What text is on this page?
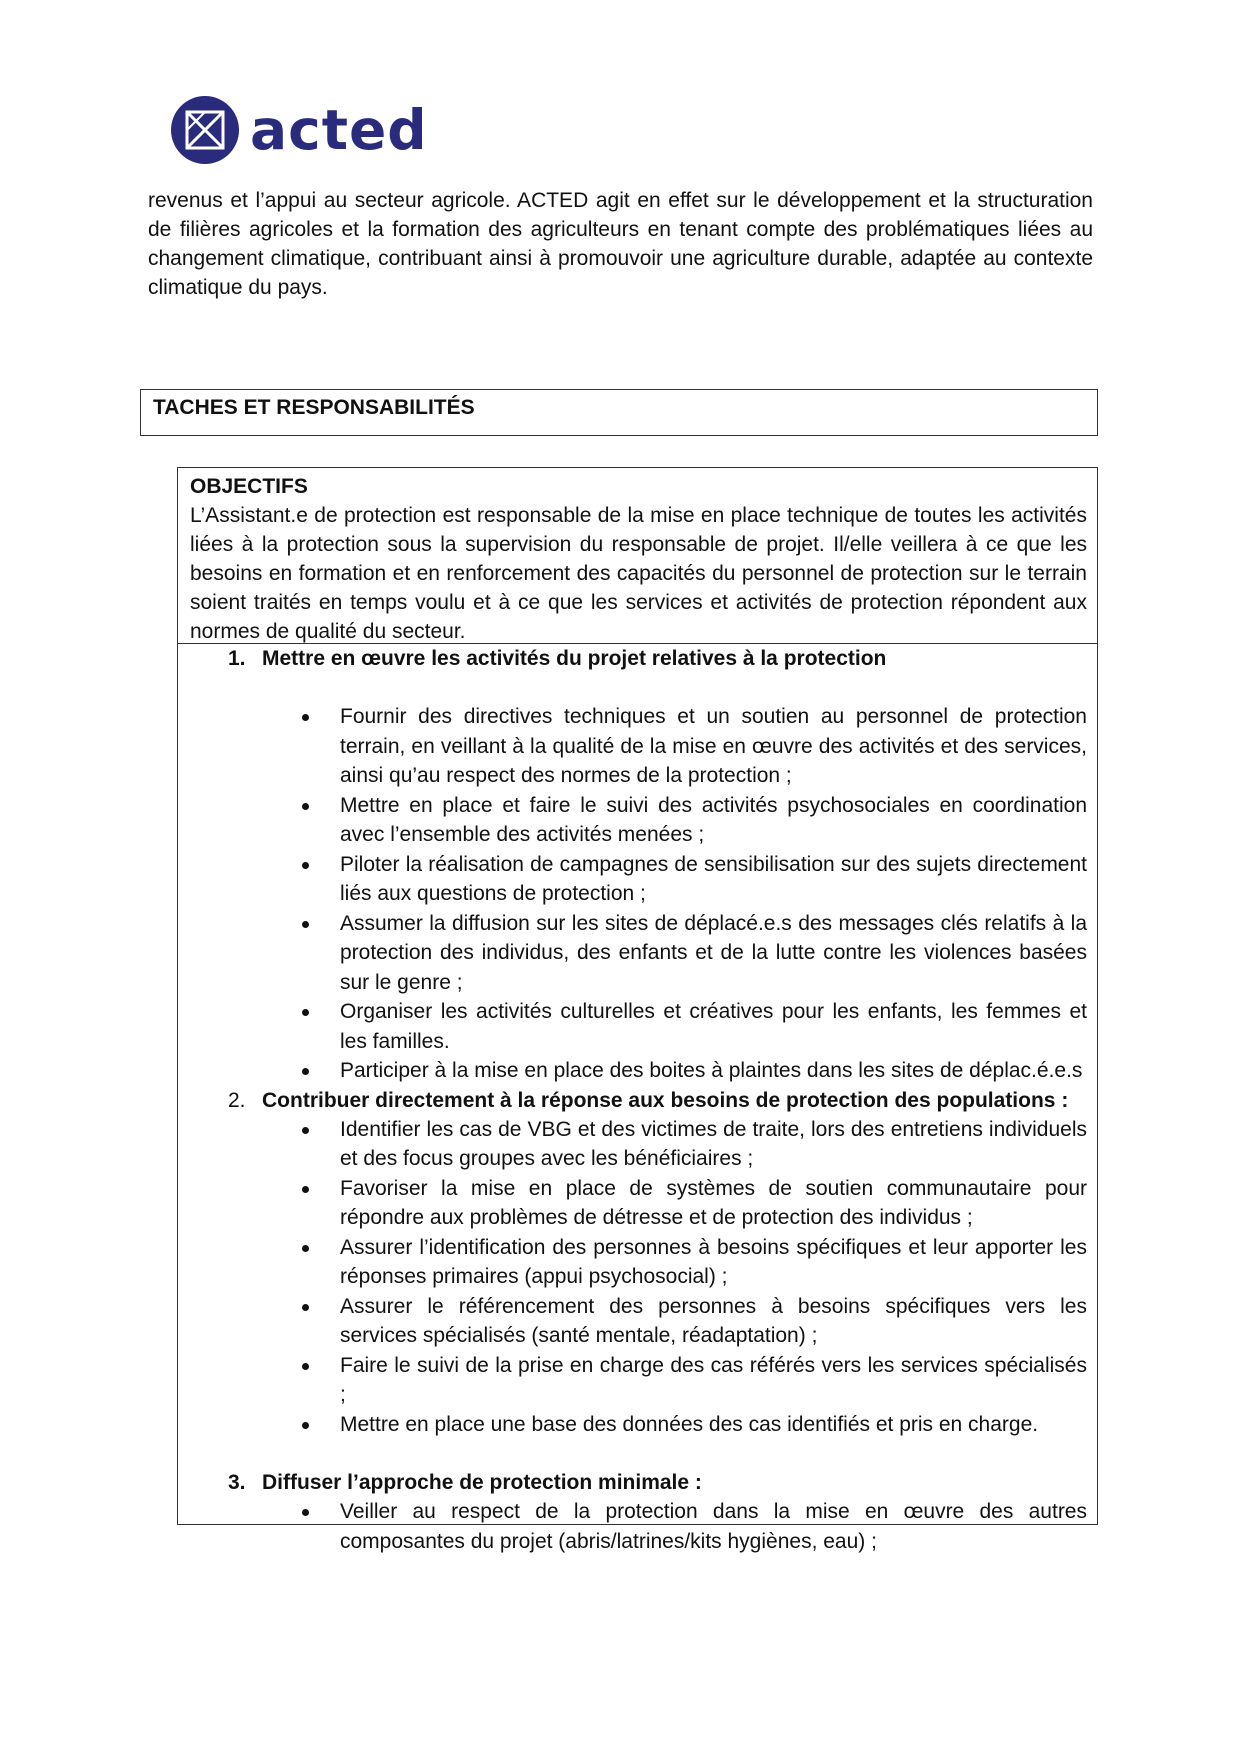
acted

revenus et l’appui au secteur agricole. ACTED agit en effet sur le développement et la structuration de filières agricoles et la formation des agriculteurs en tenant compte des problématiques liées au changement climatique, contribuant ainsi à promouvoir une agriculture durable, adaptée au contexte climatique du pays.

TACHES ET RESPONSABILITÉS
OBJECTIFS

L’Assistant.e de protection est responsable de la mise en place technique de toutes les activités liées à la protection sous la supervision du responsable de projet. Il/elle veillera à ce que les besoins en formation et en renforcement des capacités du personnel de protection sur le terrain soient traités en temps voulu et à ce que les services et activités de protection répondent aux normes de qualité du secteur.

1. Mettre en œuvre les activités du projet relatives à la protection
Fournir des directives techniques et un soutien au personnel de protection terrain, en veillant à la qualité de la mise en œuvre des activités et des services, ainsi qu’au respect des normes de la protection ;
Mettre en place et faire le suivi des activités psychosociales en coordination avec l’ensemble des activités menées ;
Piloter la réalisation de campagnes de sensibilisation sur des sujets directement liés aux questions de protection ;
Assumer la diffusion sur les sites de déplacé.e.s des messages clés relatifs à la protection des individus, des enfants et de la lutte contre les violences basées sur le genre ;
Organiser les activités culturelles et créatives pour les enfants, les femmes et les familles.
Participer à la mise en place des boites à plaintes dans les sites de déplac.é.e.s
2. Contribuer directement à la réponse aux besoins de protection des populations :
Identifier les cas de VBG et des victimes de traite, lors des entretiens individuels et des focus groupes avec les bénéficiaires ;
Favoriser la mise en place de systèmes de soutien communautaire pour répondre aux problèmes de détresse et de protection des individus ;
Assurer l’identification des personnes à besoins spécifiques et leur apporter les réponses primaires (appui psychosocial) ;
Assurer le référencement des personnes à besoins spécifiques vers les services spécialisés (santé mentale, réadaptation) ;
Faire le suivi de la prise en charge des cas référés vers les services spécialisés ;
Mettre en place une base des données des cas identifiés et pris en charge.
3. Diffuser l’approche de protection minimale :
Veiller au respect de la protection dans la mise en œuvre des autres composantes du projet (abris/latrines/kits hygiènes, eau) ;
